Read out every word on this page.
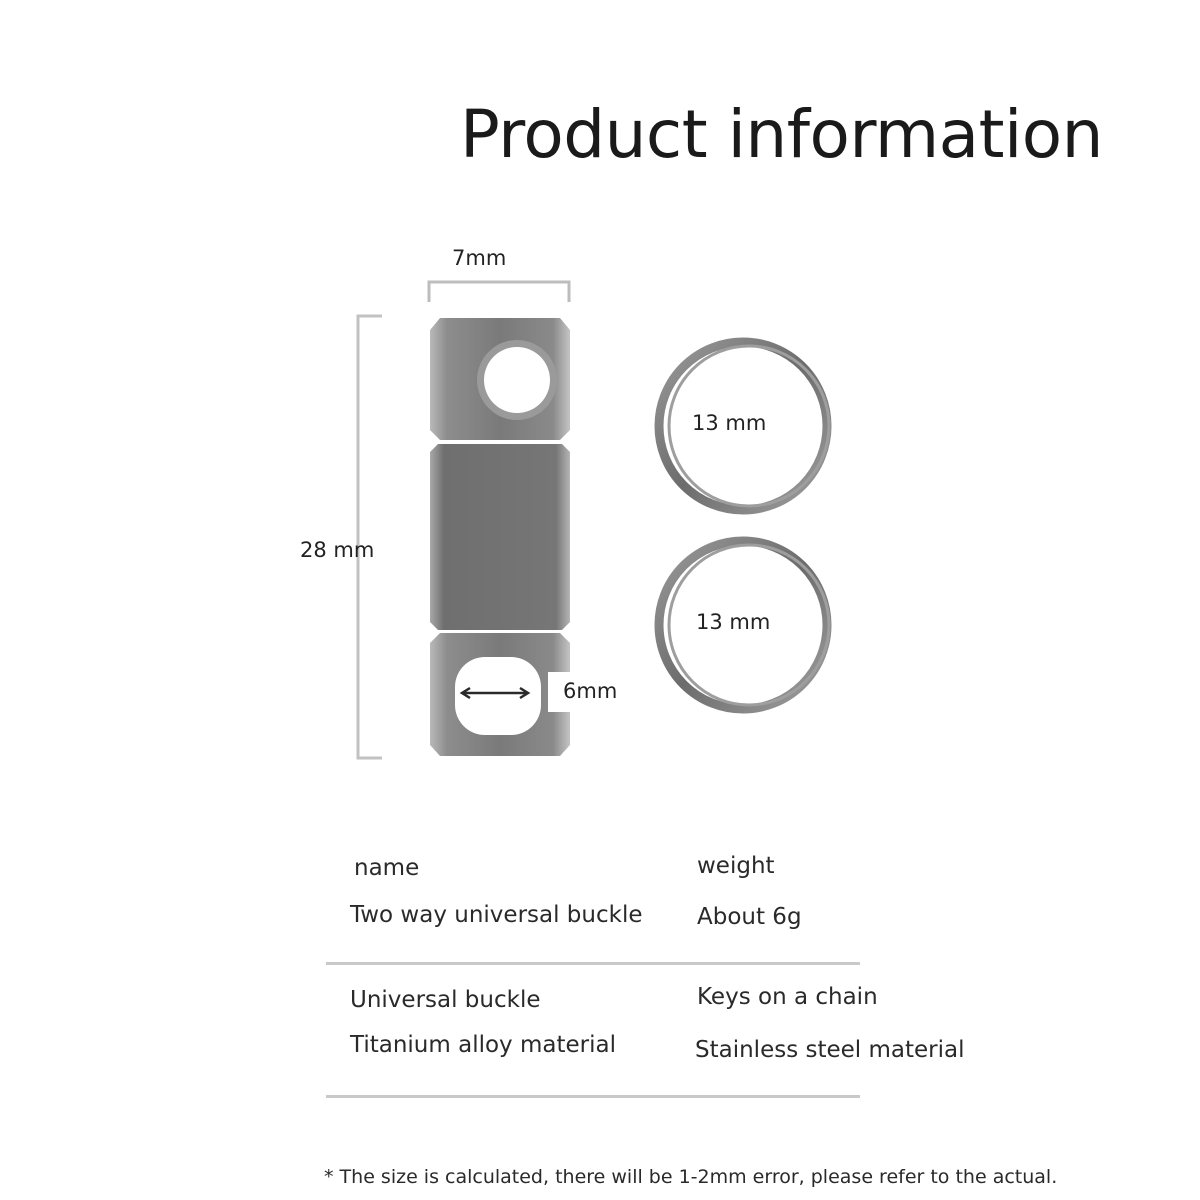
Product information
7mm
28 mm
6mm
13 mm
13 mm
name
Two way universal buckle
weight
About 6g
Universal buckle
Titanium alloy material
Keys on a chain
Stainless steel material
* The size is calculated, there will be 1-2mm error, please refer to the actual.
